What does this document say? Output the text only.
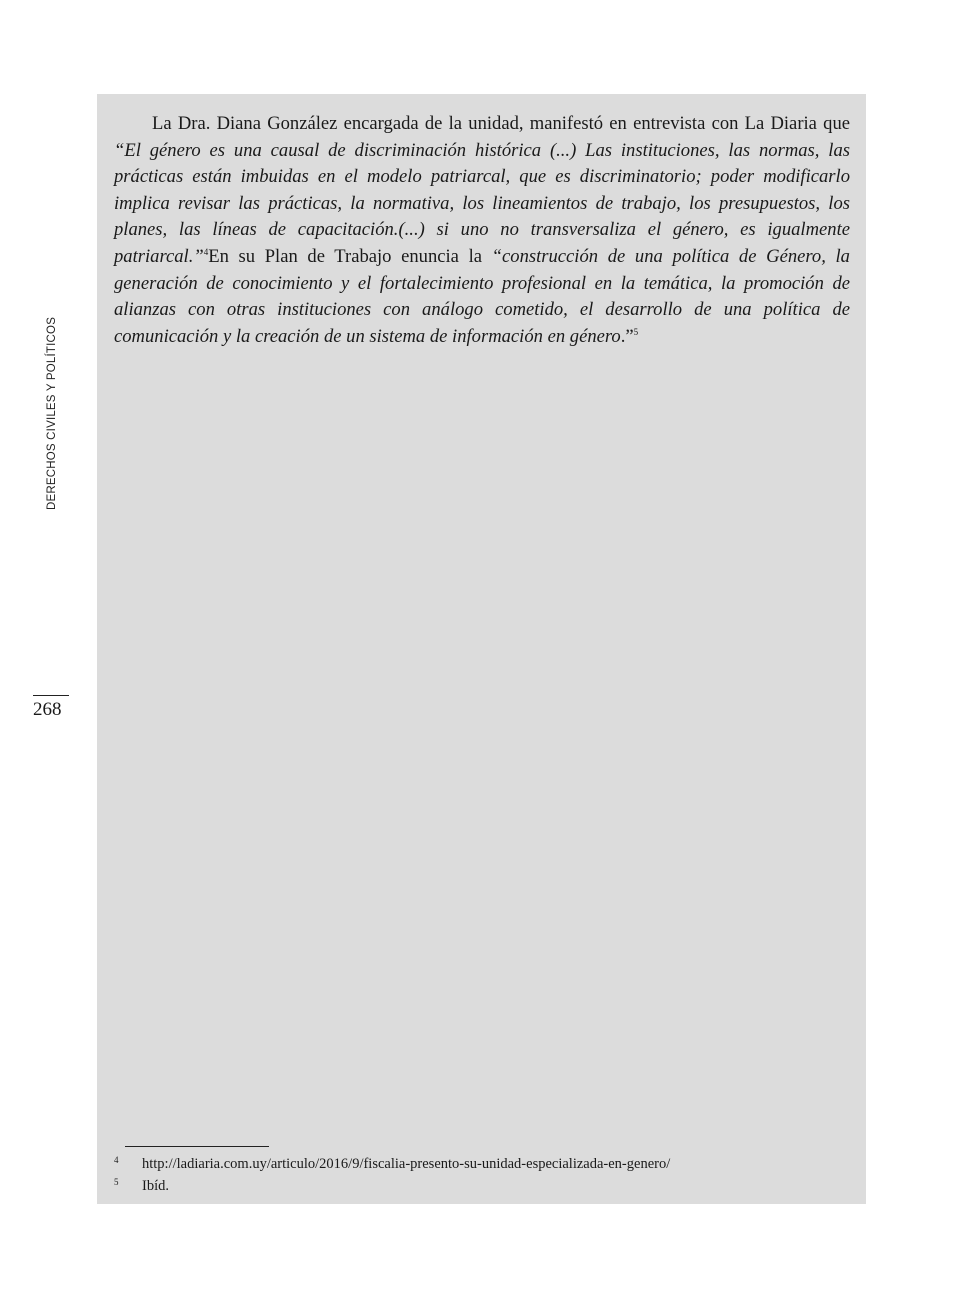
DERECHOS CIVILES Y POLÍTICOS
268

La Dra. Diana González encargada de la unidad, manifestó en entrevista con La Diaria que “El género es una causal de discriminación histórica (...) Las instituciones, las normas, las prácticas están imbuidas en el modelo patriarcal, que es discriminatorio; poder modificarlo implica revisar las prácticas, la normativa, los lineamientos de trabajo, los presupuestos, los planes, las líneas de capacitación.(...) si uno no transversaliza el género, es igualmente patriarcal.”$^4$En su Plan de Trabajo enuncia la “construcción de una política de Género, la generación de conocimiento y el fortalecimiento profesional en la temática, la promoción de alianzas con otras instituciones con análogo cometido, el desarrollo de una política de comunicación y la creación de un sistema de información en género.”$^5$

4 http://ladiaria.com.uy/articulo/2016/9/fiscalia-presento-su-unidad-especializada-en-genero/
5 Ibíd.
